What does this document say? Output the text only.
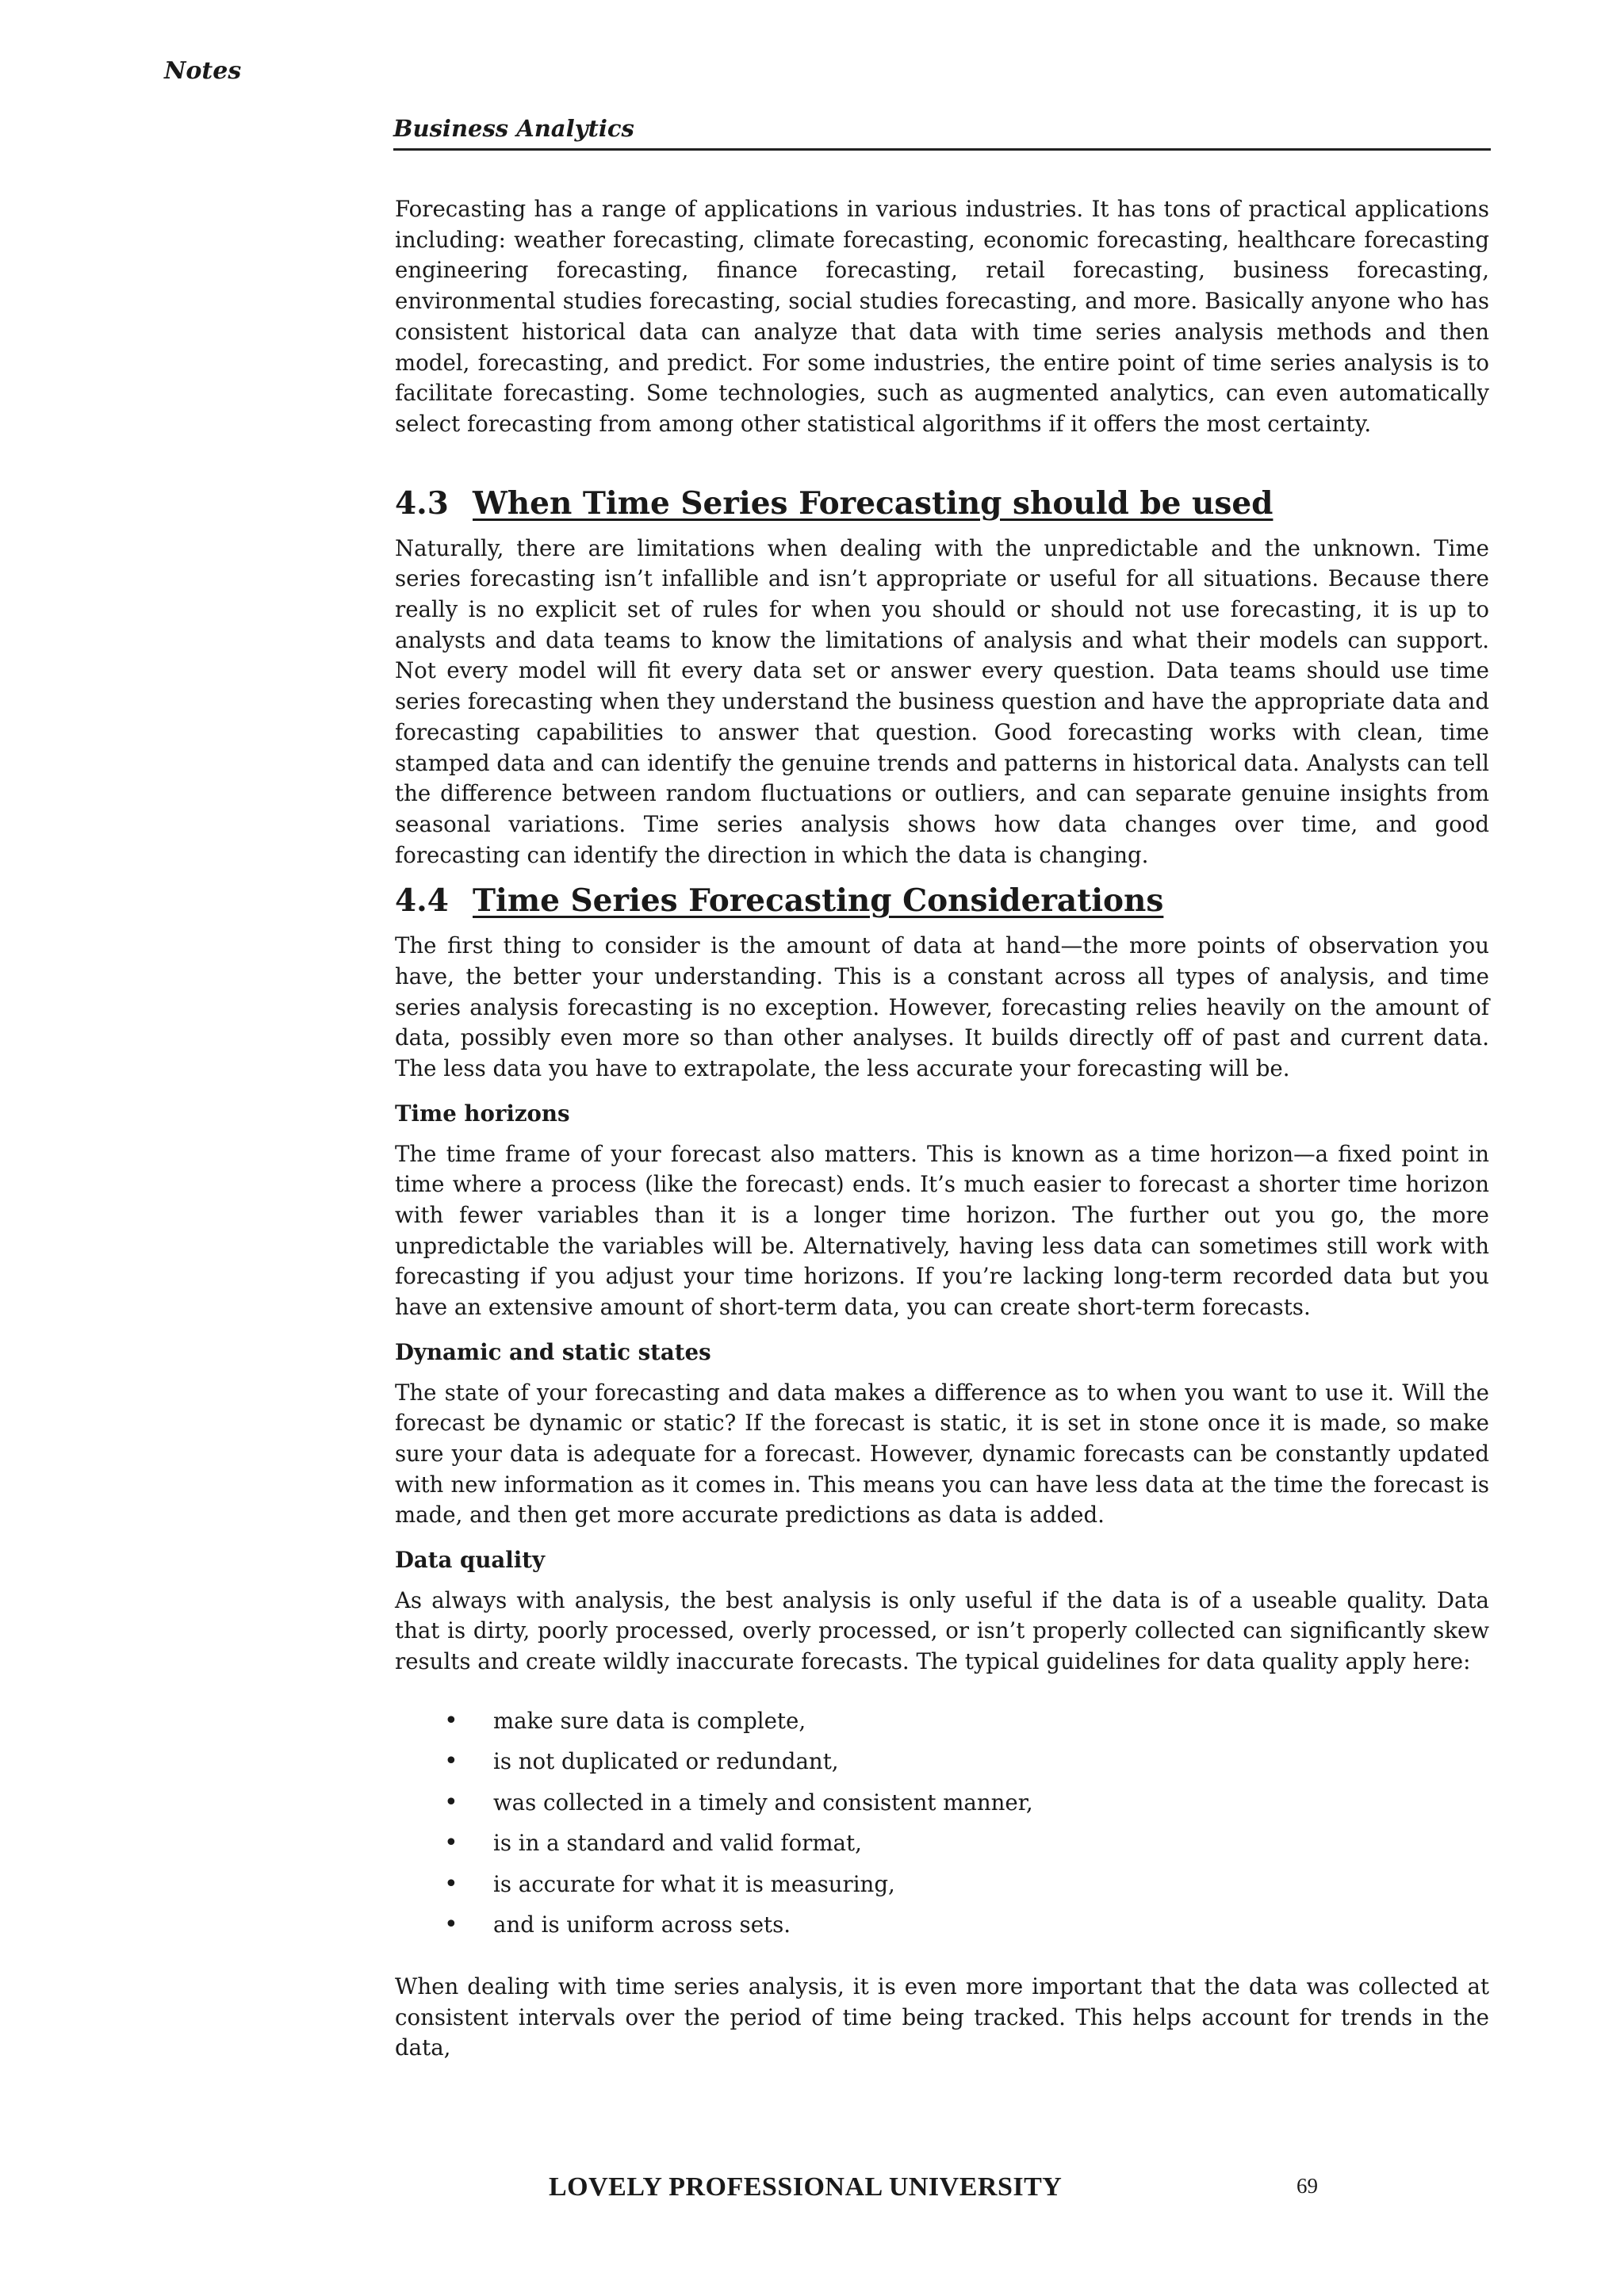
Notes
Business Analytics

Forecasting has a range of applications in various industries. It has tons of practical applications including: weather forecasting, climate forecasting, economic forecasting, healthcare forecasting engineering forecasting, finance forecasting, retail forecasting, business forecasting, environmental studies forecasting, social studies forecasting, and more. Basically anyone who has consistent historical data can analyze that data with time series analysis methods and then model, forecasting, and predict. For some industries, the entire point of time series analysis is to facilitate forecasting. Some technologies, such as augmented analytics, can even automatically select forecasting from among other statistical algorithms if it offers the most certainty.

4.3 When Time Series Forecasting should be used

Naturally, there are limitations when dealing with the unpredictable and the unknown. Time series forecasting isn’t infallible and isn’t appropriate or useful for all situations. Because there really is no explicit set of rules for when you should or should not use forecasting, it is up to analysts and data teams to know the limitations of analysis and what their models can support. Not every model will fit every data set or answer every question. Data teams should use time series forecasting when they understand the business question and have the appropriate data and forecasting capabilities to answer that question. Good forecasting works with clean, time stamped data and can identify the genuine trends and patterns in historical data. Analysts can tell the difference between random fluctuations or outliers, and can separate genuine insights from seasonal variations. Time series analysis shows how data changes over time, and good forecasting can identify the direction in which the data is changing.

4.4 Time Series Forecasting Considerations

The first thing to consider is the amount of data at hand—the more points of observation you have, the better your understanding. This is a constant across all types of analysis, and time series analysis forecasting is no exception. However, forecasting relies heavily on the amount of data, possibly even more so than other analyses. It builds directly off of past and current data. The less data you have to extrapolate, the less accurate your forecasting will be.

Time horizons

The time frame of your forecast also matters. This is known as a time horizon—a fixed point in time where a process (like the forecast) ends. It’s much easier to forecast a shorter time horizon with fewer variables than it is a longer time horizon. The further out you go, the more unpredictable the variables will be. Alternatively, having less data can sometimes still work with forecasting if you adjust your time horizons. If you’re lacking long-term recorded data but you have an extensive amount of short-term data, you can create short-term forecasts.

Dynamic and static states

The state of your forecasting and data makes a difference as to when you want to use it. Will the forecast be dynamic or static? If the forecast is static, it is set in stone once it is made, so make sure your data is adequate for a forecast. However, dynamic forecasts can be constantly updated with new information as it comes in. This means you can have less data at the time the forecast is made, and then get more accurate predictions as data is added.

Data quality

As always with analysis, the best analysis is only useful if the data is of a useable quality. Data that is dirty, poorly processed, overly processed, or isn’t properly collected can significantly skew results and create wildly inaccurate forecasts. The typical guidelines for data quality apply here:

•	make sure data is complete,
•	is not duplicated or redundant,
•	was collected in a timely and consistent manner,
•	is in a standard and valid format,
•	is accurate for what it is measuring,
•	and is uniform across sets.

When dealing with time series analysis, it is even more important that the data was collected at consistent intervals over the period of time being tracked. This helps account for trends in the data,

LOVELY PROFESSIONAL UNIVERSITY	69
